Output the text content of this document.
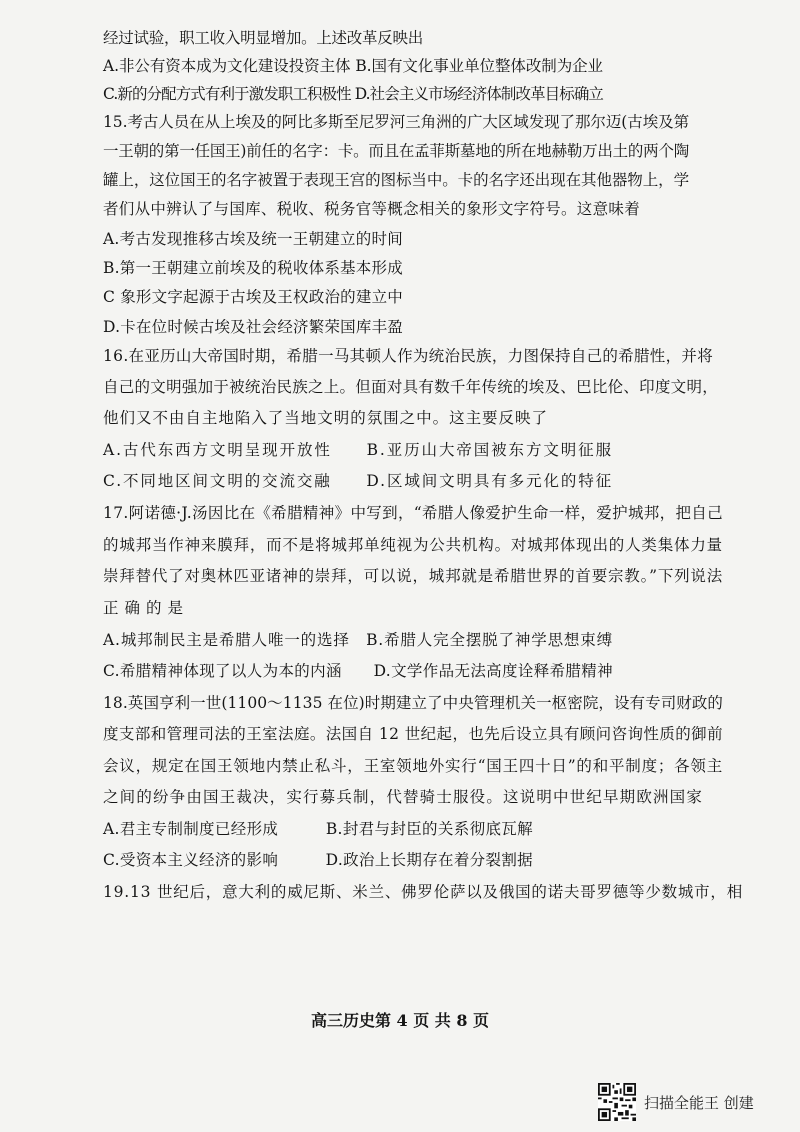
经过试验，职工收入明显增加。上述改革反映出
A.非公有资本成为文化建设投资主体 B.国有文化事业单位整体改制为企业
C.新的分配方式有利于激发职工积极性 D.社会主义市场经济体制改革目标确立
15.考古人员在从上埃及的阿比多斯至尼罗河三角洲的广大区域发现了那尔迈(古埃及第
一王朝的第一任国王)前任的名字：卡。而且在孟菲斯墓地的所在地赫勒万出土的两个陶
罐上，这位国王的名字被置于表现王宫的图标当中。卡的名字还出现在其他器物上，学
者们从中辨认了与国库、税收、税务官等概念相关的象形文字符号。这意味着
A.考古发现推移古埃及统一王朝建立的时间
B.第一王朝建立前埃及的税收体系基本形成
C 象形文字起源于古埃及王权政治的建立中
D.卡在位时候古埃及社会经济繁荣国库丰盈
16.在亚历山大帝国时期，希腊一马其顿人作为统治民族，力图保持自己的希腊性，并将
自己的文明强加于被统治民族之上。但面对具有数千年传统的埃及、巴比伦、印度文明，
他们又不由自主地陷入了当地文明的氛围之中。这主要反映了
A.古代东西方文明呈现开放性　　B.亚历山大帝国被东方文明征服
C.不同地区间文明的交流交融　　D.区域间文明具有多元化的特征
17.阿诺德·J.汤因比在《希腊精神》中写到，“希腊人像爱护生命一样，爱护城邦，把自己
的城邦当作神来膜拜，而不是将城邦单纯视为公共机构。对城邦体现出的人类集体力量
崇拜替代了对奥林匹亚诸神的崇拜，可以说，城邦就是希腊世界的首要宗教。”下列说法
正确的是
A.城邦制民主是希腊人唯一的选择　B.希腊人完全摆脱了神学思想束缚
C.希腊精神体现了以人为本的内涵　　D.文学作品无法高度诠释希腊精神
18.英国亨利一世(1100～1135 在位)时期建立了中央管理机关一枢密院，设有专司财政的
度支部和管理司法的王室法庭。法国自 12 世纪起，也先后设立具有顾问咨询性质的御前
会议，规定在国王领地内禁止私斗，王室领地外实行“国王四十日”的和平制度；各领主
之间的纷争由国王裁决，实行募兵制，代替骑士服役。这说明中世纪早期欧洲国家
A.君主专制制度已经形成　　　B.封君与封臣的关系彻底瓦解
C.受资本主义经济的影响　　　D.政治上长期存在着分裂割据
19.13 世纪后，意大利的威尼斯、米兰、佛罗伦萨以及俄国的诺夫哥罗德等少数城市，相
高三历史第 4 页 共 8 页
扫描全能王 创建
